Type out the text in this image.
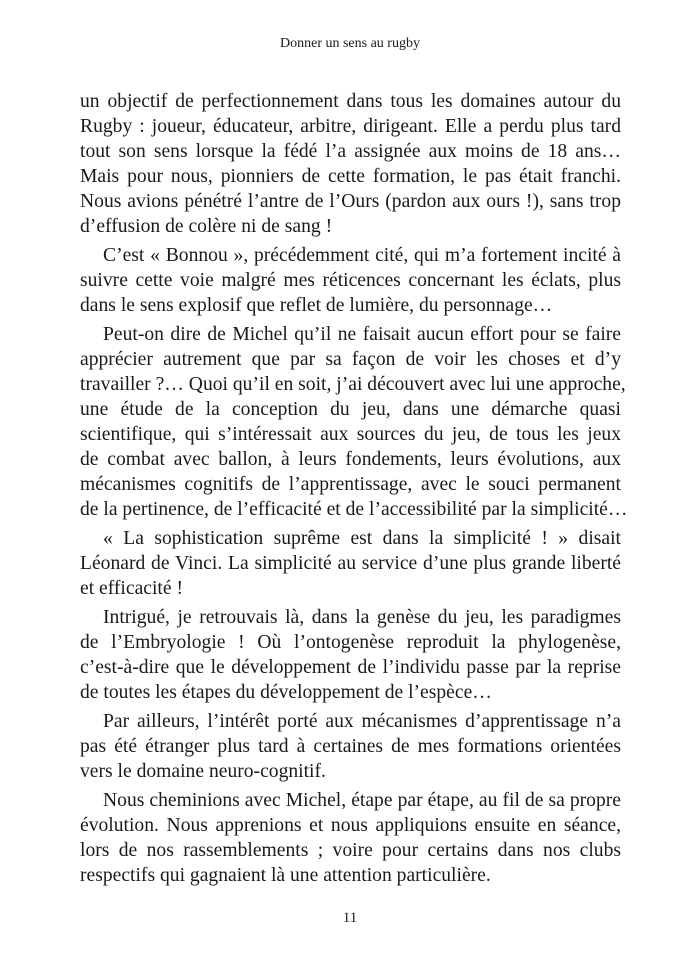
Donner un sens au rugby
un objectif de perfectionnement dans tous les domaines autour du
Rugby : joueur, éducateur, arbitre, dirigeant. Elle a perdu plus tard
tout son sens lorsque la fédé l’a assignée aux moins de 18 ans…
Mais pour nous, pionniers de cette formation, le pas était franchi.
Nous avions pénétré l’antre de l’Ours (pardon aux ours !), sans trop
d’effusion de colère ni de sang !
C’est « Bonnou », précédemment cité, qui m’a fortement incité à
suivre cette voie malgré mes réticences concernant les éclats, plus
dans le sens explosif que reflet de lumière, du personnage…
Peut-on dire de Michel qu’il ne faisait aucun effort pour se faire
apprécier autrement que par sa façon de voir les choses et d’y
travailler ?… Quoi qu’il en soit, j’ai découvert avec lui une approche,
une étude de la conception du jeu, dans une démarche quasi
scientifique, qui s’intéressait aux sources du jeu, de tous les jeux
de combat avec ballon, à leurs fondements, leurs évolutions, aux
mécanismes cognitifs de l’apprentissage, avec le souci permanent
de la pertinence, de l’efficacité et de l’accessibilité par la simplicité…
« La sophistication suprême est dans la simplicité ! » disait
Léonard de Vinci. La simplicité au service d’une plus grande liberté
et efficacité !
Intrigué, je retrouvais là, dans la genèse du jeu, les paradigmes
de l’Embryologie ! Où l’ontogenèse reproduit la phylogenèse,
c’est-à-dire que le développement de l’individu passe par la reprise
de toutes les étapes du développement de l’espèce…
Par ailleurs, l’intérêt porté aux mécanismes d’apprentissage n’a
pas été étranger plus tard à certaines de mes formations orientées
vers le domaine neuro-cognitif.
Nous cheminions avec Michel, étape par étape, au fil de sa propre
évolution. Nous apprenions et nous appliquions ensuite en séance,
lors de nos rassemblements ; voire pour certains dans nos clubs
respectifs qui gagnaient là une attention particulière.
11
